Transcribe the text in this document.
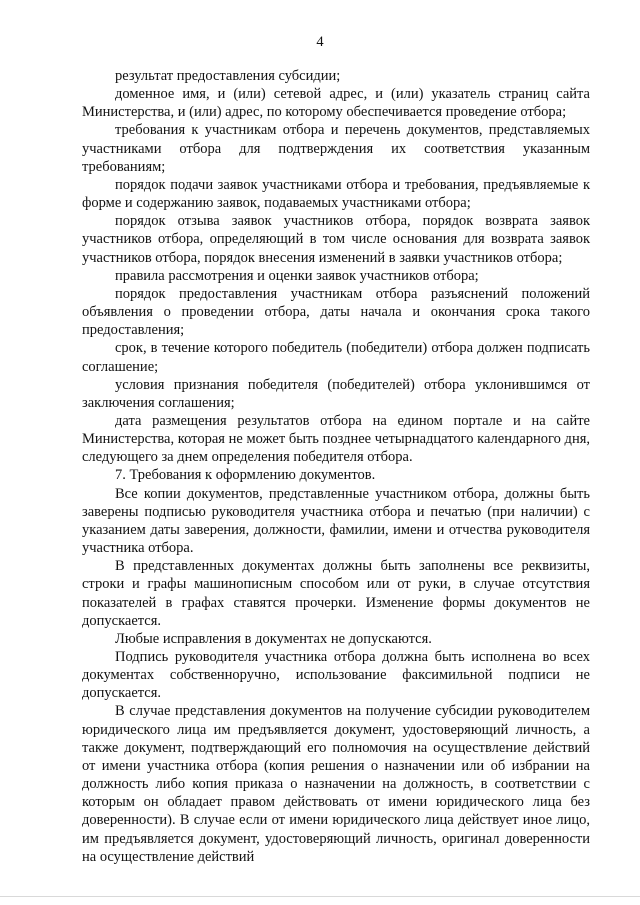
4

результат предоставления субсидии;

доменное имя, и (или) сетевой адрес, и (или) указатель страниц сайта Министерства, и (или) адрес, по которому обеспечивается проведение отбора;

требования к участникам отбора и перечень документов, представляемых участниками отбора для подтверждения их соответствия указанным требованиям;

порядок подачи заявок участниками отбора и требования, предъявляемые к форме и содержанию заявок, подаваемых участниками отбора;

порядок отзыва заявок участников отбора, порядок возврата заявок участников отбора, определяющий в том числе основания для возврата заявок участников отбора, порядок внесения изменений в заявки участников отбора;

правила рассмотрения и оценки заявок участников отбора;

порядок предоставления участникам отбора разъяснений положений объявления о проведении отбора, даты начала и окончания срока такого предоставления;

срок, в течение которого победитель (победители) отбора должен подписать соглашение;

условия признания победителя (победителей) отбора уклонившимся от заключения соглашения;

дата размещения результатов отбора на едином портале и на сайте Министерства, которая не может быть позднее четырнадцатого календарного дня, следующего за днем определения победителя отбора.

7. Требования к оформлению документов.

Все копии документов, представленные участником отбора, должны быть заверены подписью руководителя участника отбора и печатью (при наличии) с указанием даты заверения, должности, фамилии, имени и отчества руководителя участника отбора.

В представленных документах должны быть заполнены все реквизиты, строки и графы машинописным способом или от руки, в случае отсутствия показателей в графах ставятся прочерки. Изменение формы документов не допускается.

Любые исправления в документах не допускаются.

Подпись руководителя участника отбора должна быть исполнена во всех документах собственноручно, использование факсимильной подписи не допускается.

В случае представления документов на получение субсидии руководителем юридического лица им предъявляется документ, удостоверяющий личность, а также документ, подтверждающий его полномочия на осуществление действий от имени участника отбора (копия решения о назначении или об избрании на должность либо копия приказа о назначении на должность, в соответствии с которым он обладает правом действовать от имени юридического лица без доверенности). В случае если от имени юридического лица действует иное лицо, им предъявляется документ, удостоверяющий личность, оригинал доверенности на осуществление действий
